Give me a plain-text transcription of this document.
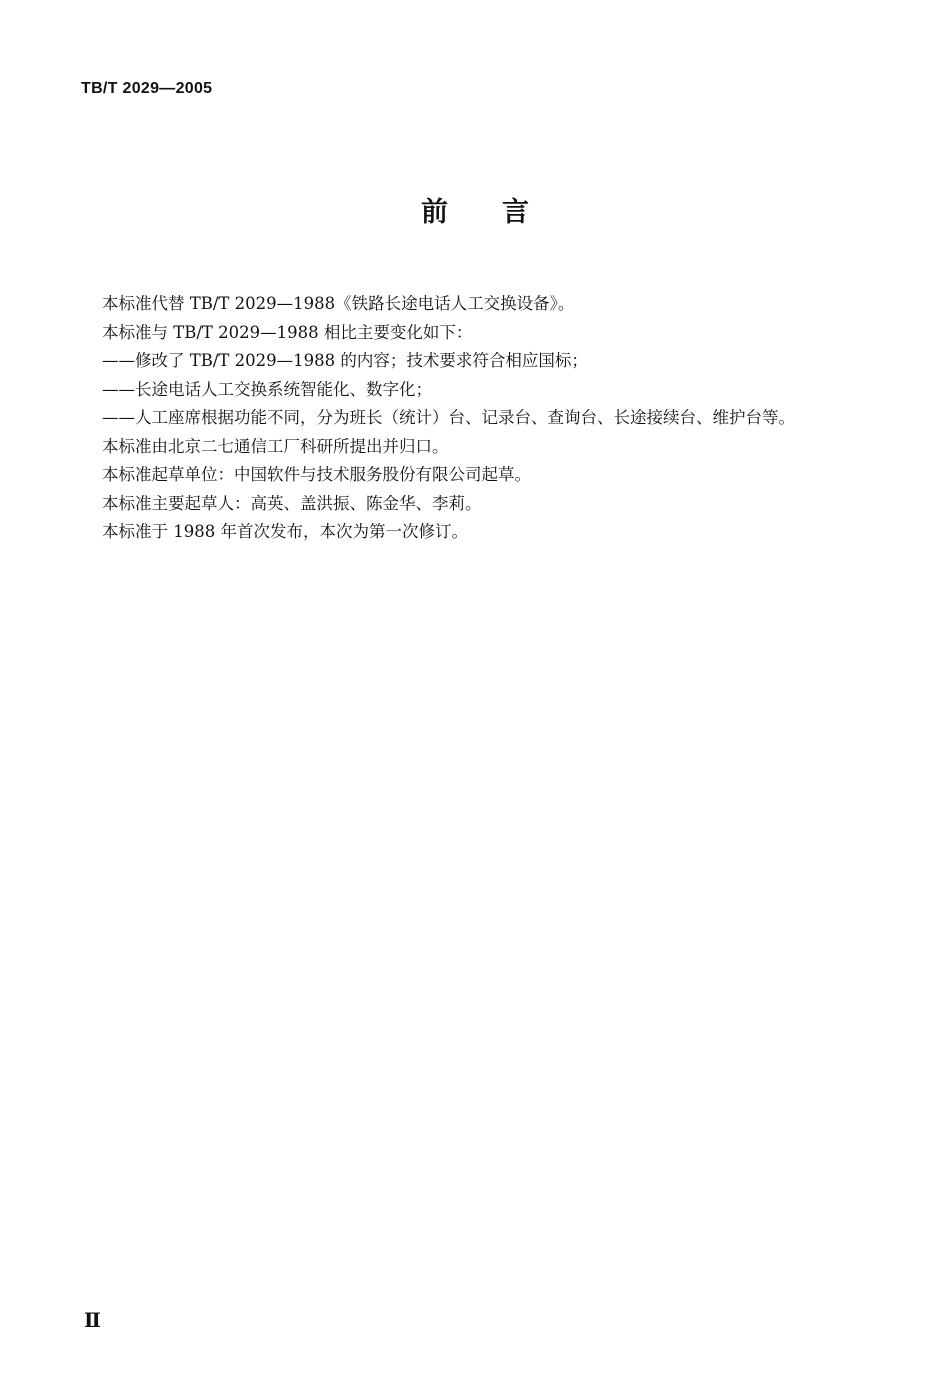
TB/T 2029—2005
前 言
本标准代替 TB/T 2029—1988《铁路长途电话人工交换设备》。
本标准与 TB/T 2029—1988 相比主要变化如下：
——修改了 TB/T 2029—1988 的内容；技术要求符合相应国标；
——长途电话人工交换系统智能化、数字化；
——人工座席根据功能不同，分为班长（统计）台、记录台、查询台、长途接续台、维护台等。
本标准由北京二七通信工厂科研所提出并归口。
本标准起草单位：中国软件与技术服务股份有限公司起草。
本标准主要起草人：高英、盖洪振、陈金华、李莉。
本标准于 1988 年首次发布，本次为第一次修订。
Ⅱ
